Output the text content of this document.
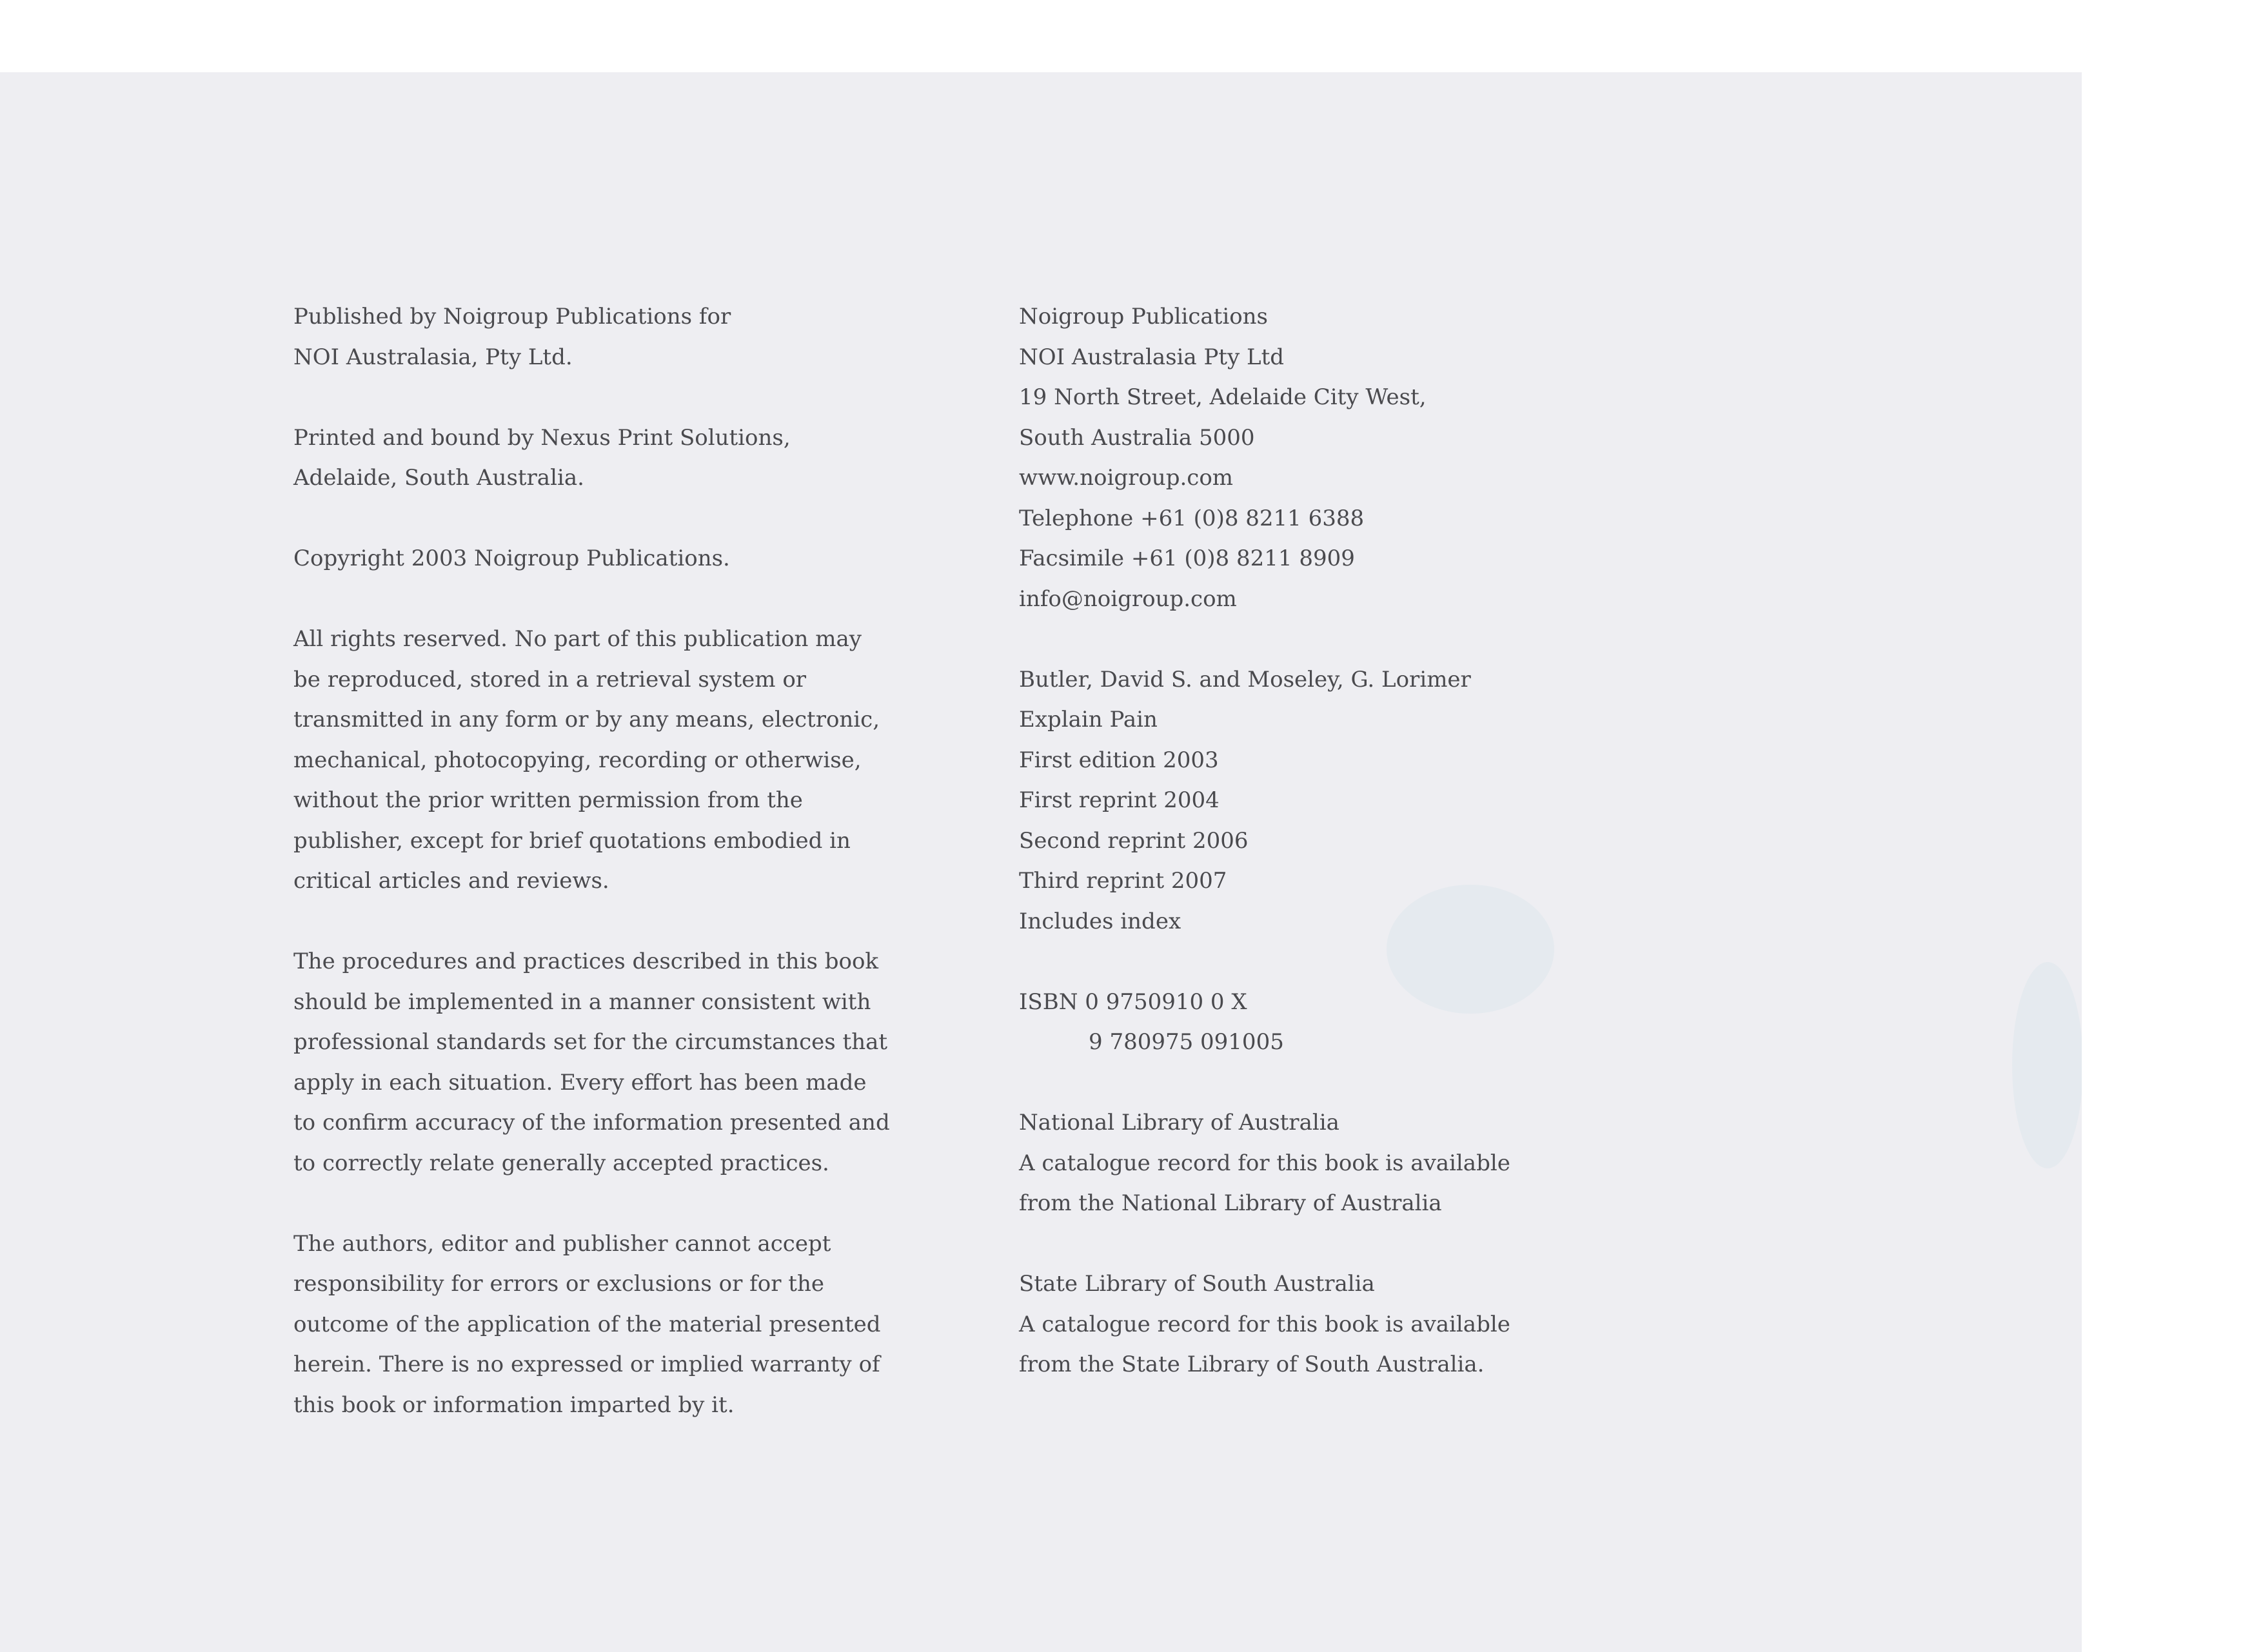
Published by Noigroup Publications for
NOI Australasia, Pty Ltd.
Printed and bound by Nexus Print Solutions,
Adelaide, South Australia.
Copyright 2003 Noigroup Publications.
All rights reserved. No part of this publication may
be reproduced, stored in a retrieval system or
transmitted in any form or by any means, electronic,
mechanical, photocopying, recording or otherwise,
without the prior written permission from the
publisher, except for brief quotations embodied in
critical articles and reviews.
The procedures and practices described in this book
should be implemented in a manner consistent with
professional standards set for the circumstances that
apply in each situation. Every effort has been made
to confirm accuracy of the information presented and
to correctly relate generally accepted practices.
The authors, editor and publisher cannot accept
responsibility for errors or exclusions or for the
outcome of the application of the material presented
herein. There is no expressed or implied warranty of
this book or information imparted by it.
Noigroup Publications
NOI Australasia Pty Ltd
19 North Street, Adelaide City West,
South Australia 5000
www.noigroup.com
Telephone +61 (0)8 8211 6388
Facsimile +61 (0)8 8211 8909
info@noigroup.com
Butler, David S. and Moseley, G. Lorimer
Explain Pain
First edition 2003
First reprint 2004
Second reprint 2006
Third reprint 2007
Includes index
ISBN 0 9750910 0 X
9 780975 091005
National Library of Australia
A catalogue record for this book is available
from the National Library of Australia
State Library of South Australia
A catalogue record for this book is available
from the State Library of South Australia.
